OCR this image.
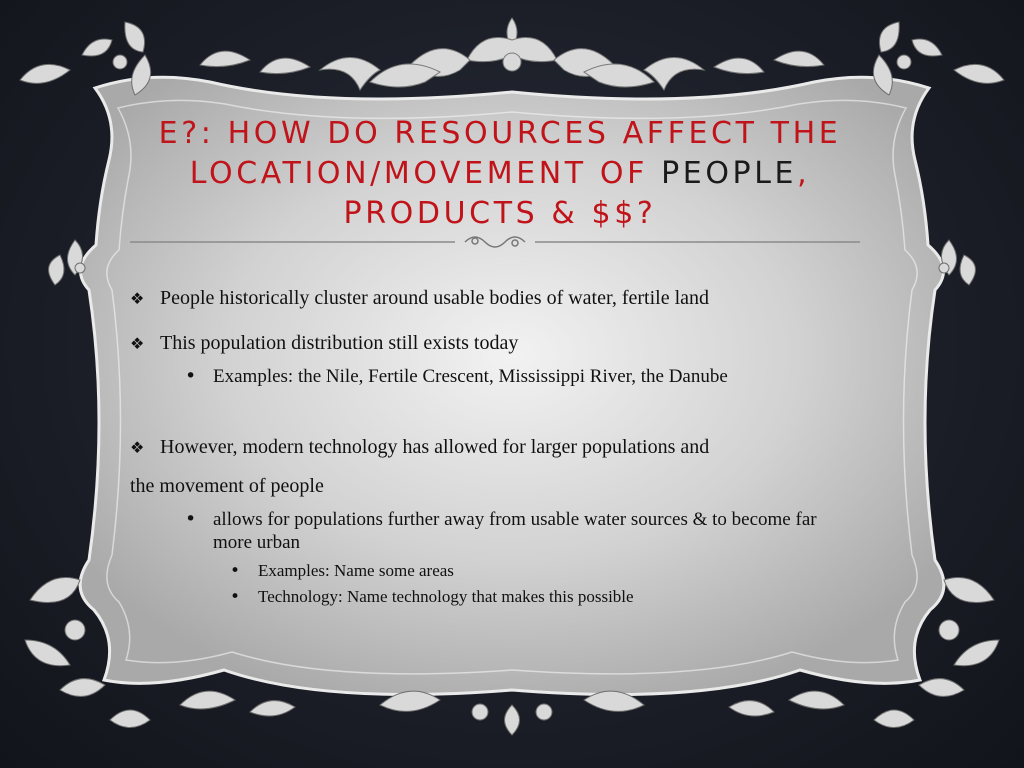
E?: HOW DO RESOURCES AFFECT THE LOCATION/MOVEMENT OF PEOPLE, PRODUCTS & $$?
❖ People historically cluster around usable bodies of water, fertile land
❖ This population distribution still exists today
• Examples: the Nile, Fertile Crescent, Mississippi River, the Danube
❖ However, modern technology has allowed for larger populations and
the movement of people
• allows for populations further away from usable water sources & to become far more urban
• Examples: Name some areas
• Technology: Name technology that makes this possible
